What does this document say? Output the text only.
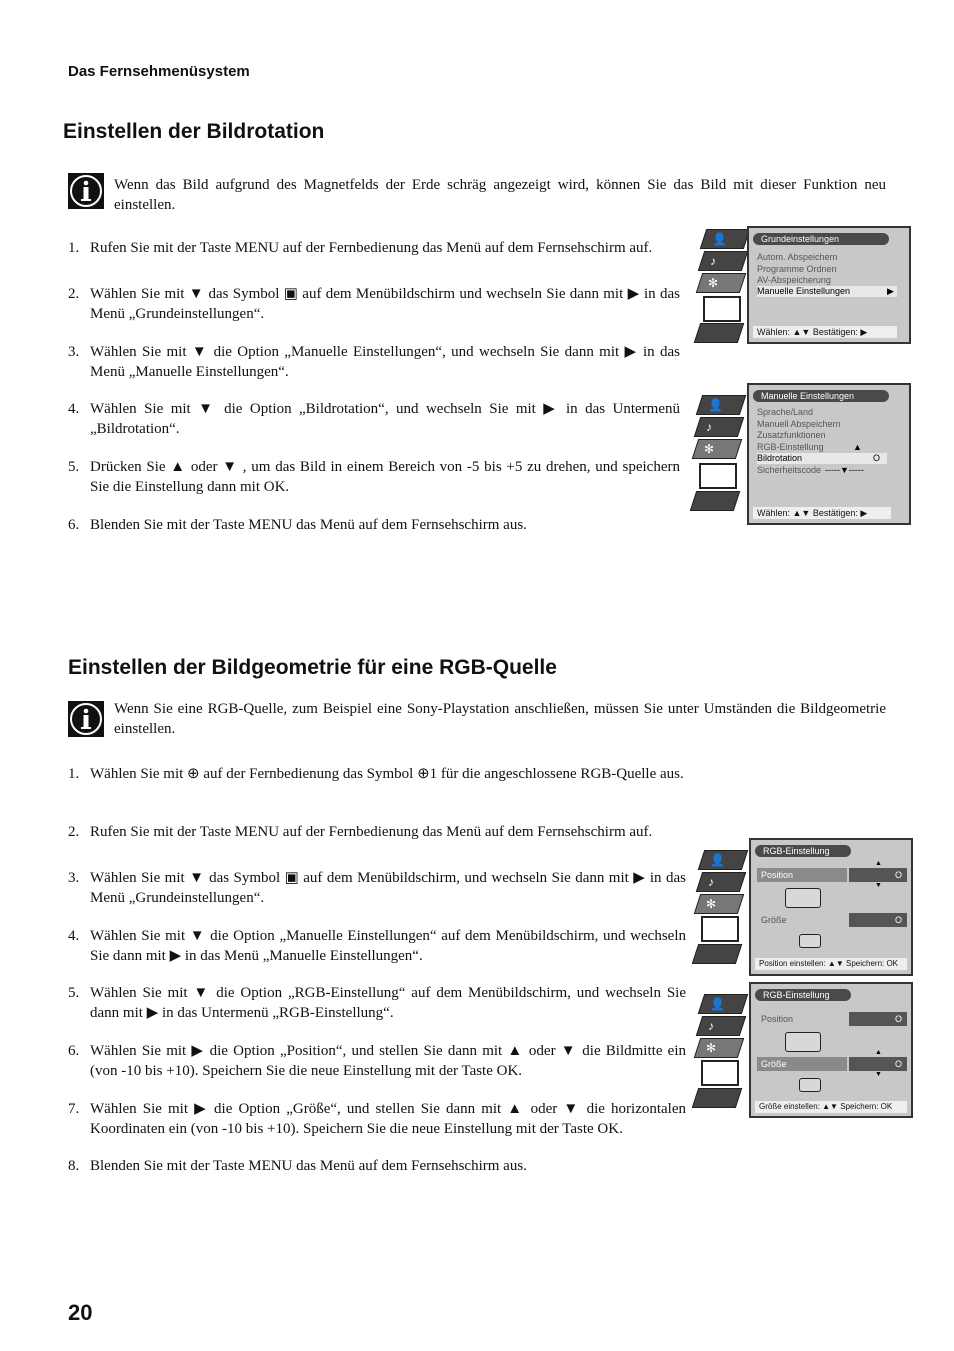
Das Fernsehmenüsystem
Einstellen der Bildrotation
Wenn das Bild aufgrund des Magnetfelds der Erde schräg angezeigt wird, können Sie das Bild mit dieser Funktion neu einstellen.
1. Rufen Sie mit der Taste MENU auf der Fernbedienung das Menü auf dem Fernsehschirm auf.
2. Wählen Sie mit ▼ das Symbol ▣ auf dem Menübildschirm und wechseln Sie dann mit ▶ in das Menü „Grundeinstellungen“.
3. Wählen Sie mit ▼ die Option „Manuelle Einstellungen“, und wechseln Sie dann mit ▶ in das Menü „Manuelle Einstellungen“.
4. Wählen Sie mit ▼ die Option „Bildrotation“, und wechseln Sie mit ▶ in das Untermenü „Bildrotation“.
5. Drücken Sie ▲ oder ▼ , um das Bild in einem Bereich von -5 bis +5 zu drehen, und speichern Sie die Einstellung dann mit OK.
6. Blenden Sie mit der Taste MENU das Menü auf dem Fernsehschirm aus.
👤
♪
✻
Grundeinstellungen
Autom. Abspeichern
Programme Ordnen
AV-Abspeicherung
Manuelle Einstellungen	▶
Wählen: ▲▼ Bestätigen: ▶
👤
♪
✻
Manuelle Einstellungen
Sprache/Land
Manuell Abspeichern
Zusatzfunktionen
RGB-Einstellung	▲
Bildrotation	O
Sicherheitscode -----▼-----
Wählen: ▲▼ Bestätigen: ▶
Einstellen der Bildgeometrie für eine RGB-Quelle
Wenn Sie eine RGB-Quelle, zum Beispiel eine Sony-Playstation anschließen, müssen Sie unter Umständen die Bildgeometrie einstellen.
1. Wählen Sie mit ⊕ auf der Fernbedienung das Symbol ⊕1 für die angeschlossene RGB-Quelle aus.
2. Rufen Sie mit der Taste MENU auf der Fernbedienung das Menü auf dem Fernsehschirm auf.
3. Wählen Sie mit ▼ das Symbol ▣ auf dem Menübildschirm, und wechseln Sie dann mit ▶ in das Menü „Grundeinstellungen“.
4. Wählen Sie mit ▼ die Option „Manuelle Einstellungen“ auf dem Menübildschirm, und wechseln Sie dann mit ▶ in das Menü „Manuelle Einstellungen“.
5. Wählen Sie mit ▼ die Option „RGB-Einstellung“ auf dem Menübildschirm, und wechseln Sie dann mit ▶ in das Untermenü „RGB-Einstellung“.
6. Wählen Sie mit ▶ die Option „Position“, und stellen Sie dann mit ▲ oder ▼ die Bildmitte ein (von -10 bis +10). Speichern Sie die neue Einstellung mit der Taste OK.
7. Wählen Sie mit ▶ die Option „Größe“, und stellen Sie dann mit ▲ oder ▼ die horizontalen Koordinaten ein (von -10 bis +10). Speichern Sie die neue Einstellung mit der Taste OK.
8. Blenden Sie mit der Taste MENU das Menü auf dem Fernsehschirm aus.
👤
♪
✻
RGB-Einstellung
▲
Position	O
▼
Größe	O
Position einstellen: ▲▼ Speichern: OK
👤
♪
✻
RGB-Einstellung
Position	O
▲
Größe	O
▼
Größe einstellen: ▲▼ Speichern: OK
20
